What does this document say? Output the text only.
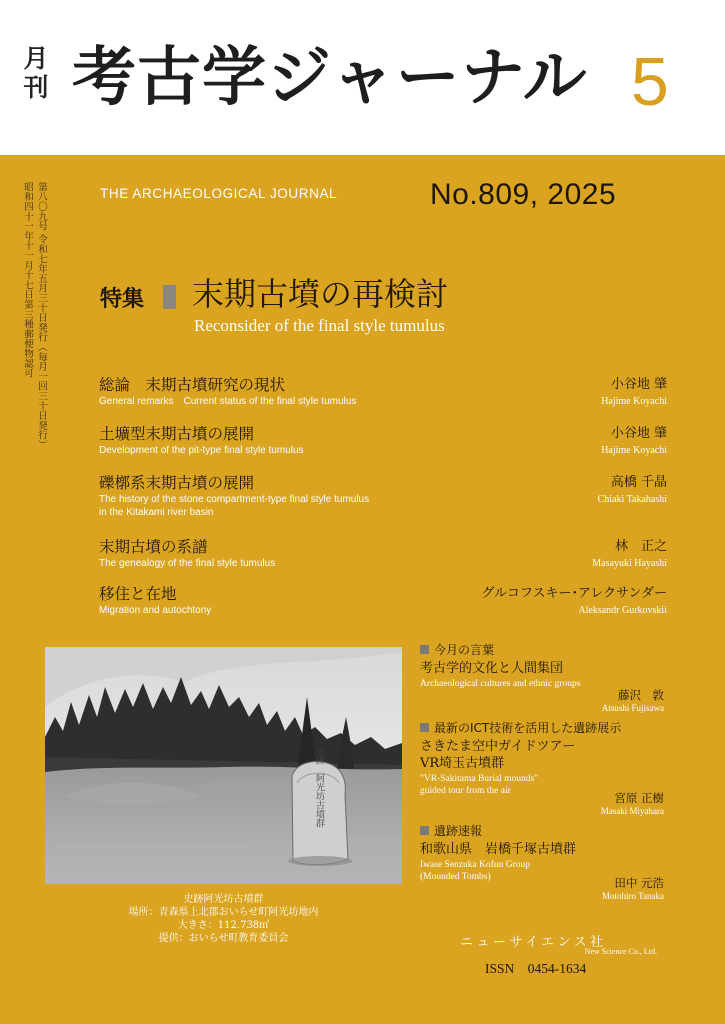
月刊 考古学ジャーナル 5
第八〇九号 令和七年五月三十日発行（毎月一回三十日発行）
昭和四十一年十一月十七日第三種郵便物認可	THE ARCHAEOLOGICAL JOURNAL	No.809, 2025
特集 末期古墳の再検討
Reconsider of the final style tumulus
総論　末期古墳研究の現状
General remarks　Current status of the final style tumulus
小谷地 肇
Hajime Koyachi
土壙型末期古墳の展開
Development of the pit-type final style tumulus
小谷地 肇
Hajime Koyachi
礫槨系末期古墳の展開
The history of the stone compartment-type final style tumulus
in the Kitakami river basin
高橋 千晶
Chiaki Takahashi
末期古墳の系譜
The genealogy of the final style tumulus
林　正之
Masayuki Hayashi
移住と在地
Migration and autochtony
グルコフスキー･アレクサンダー
Aleksandr Gurkovskii
史跡　阿光坊古墳群
史跡阿光坊古墳群
場所：青森県上北郡おいらせ町阿光坊地内
大きさ：112.738㎡
提供：おいらせ町教育委員会
今月の言葉
考古学的文化と人間集団
Archaeological cultures and ethnic groups
藤沢　敦
Atsushi Fujisawa
最新のICT技術を活用した遺跡展示
さきたま空中ガイドツアー
VR埼玉古墳群
"VR-Sakitama Burial mounds"
guided tour from the air	宮原 正樹
Masaki Miyahara
遺跡速報
和歌山県　岩橋千塚古墳群
Iwase Senzuka Kofun Group
(Mounded Tombs)	田中 元浩
Motohiro Tanaka
ニューサイエンス社
New Science Co., Ltd.
ISSN　0454-1634
